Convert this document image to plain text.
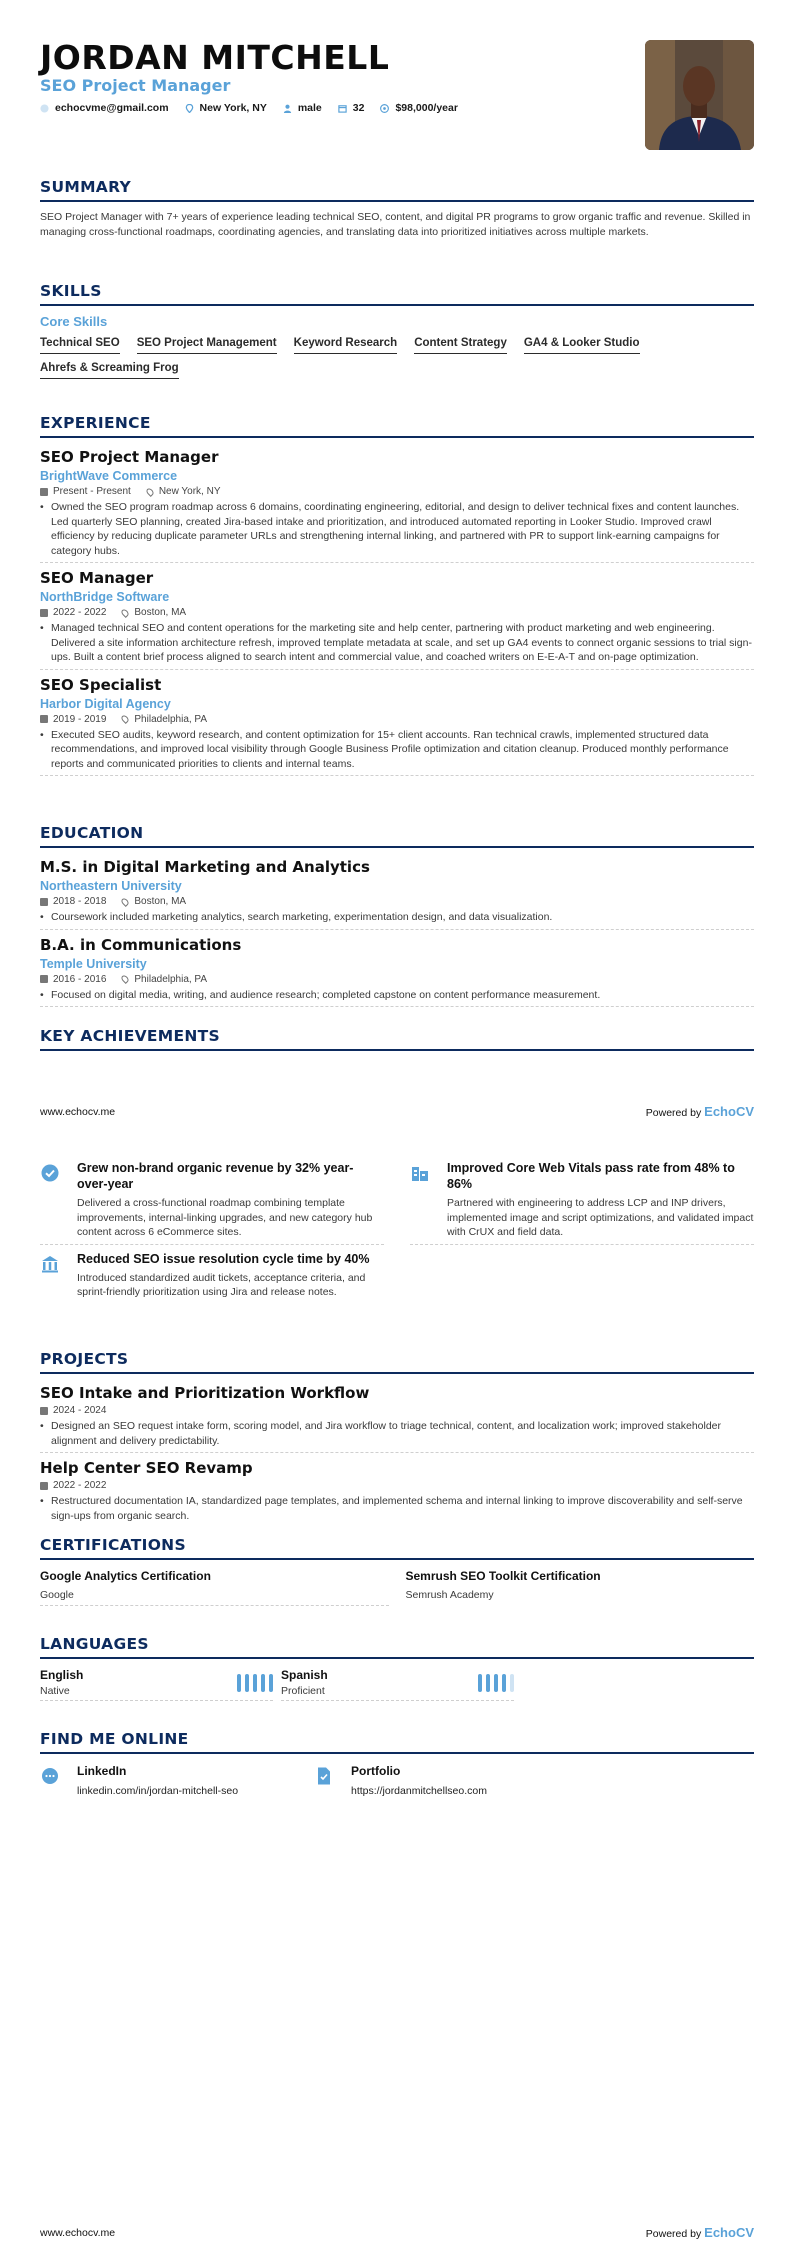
JORDAN MITCHELL
SEO Project Manager
echocvme@gmail.com	New York, NY	male	32	$98,000/year
SUMMARY
SEO Project Manager with 7+ years of experience leading technical SEO, content, and digital PR programs to grow organic traffic and revenue. Skilled in managing cross-functional roadmaps, coordinating agencies, and translating data into prioritized initiatives across multiple markets.
SKILLS
Core Skills
Technical SEO SEO Project Management Keyword Research Content Strategy GA4 & Looker Studio
Ahrefs & Screaming Frog
EXPERIENCE
SEO Project Manager
BrightWave Commerce
Present - Present	New York, NY
• Owned the SEO program roadmap across 6 domains, coordinating engineering, editorial, and design to deliver technical fixes and content launches. Led quarterly SEO planning, created Jira-based intake and prioritization, and introduced automated reporting in Looker Studio. Improved crawl efficiency by reducing duplicate parameter URLs and strengthening internal linking, and partnered with PR to support link-earning campaigns for category hubs.
SEO Manager
NorthBridge Software
2022 - 2022	Boston, MA
• Managed technical SEO and content operations for the marketing site and help center, partnering with product marketing and web engineering. Delivered a site information architecture refresh, improved template metadata at scale, and set up GA4 events to connect organic sessions to trial sign-ups. Built a content brief process aligned to search intent and commercial value, and coached writers on E-E-A-T and on-page optimization.
SEO Specialist
Harbor Digital Agency
2019 - 2019	Philadelphia, PA
• Executed SEO audits, keyword research, and content optimization for 15+ client accounts. Ran technical crawls, implemented structured data recommendations, and improved local visibility through Google Business Profile optimization and citation cleanup. Produced monthly performance reports and communicated priorities to clients and internal teams.
EDUCATION
M.S. in Digital Marketing and Analytics
Northeastern University
2018 - 2018	Boston, MA
• Coursework included marketing analytics, search marketing, experimentation design, and data visualization.
B.A. in Communications
Temple University
2016 - 2016	Philadelphia, PA
• Focused on digital media, writing, and audience research; completed capstone on content performance measurement.
KEY ACHIEVEMENTS
www.echocv.me	Powered by EchoCV
Grew non-brand organic revenue by 32% year-over-year
Delivered a cross-functional roadmap combining template improvements, internal-linking upgrades, and new category hub content across 6 eCommerce sites.
Improved Core Web Vitals pass rate from 48% to 86%
Partnered with engineering to address LCP and INP drivers, implemented image and script optimizations, and validated impact with CrUX and field data.
Reduced SEO issue resolution cycle time by 40%
Introduced standardized audit tickets, acceptance criteria, and sprint-friendly prioritization using Jira and release notes.
PROJECTS
SEO Intake and Prioritization Workflow
2024 - 2024
• Designed an SEO request intake form, scoring model, and Jira workflow to triage technical, content, and localization work; improved stakeholder alignment and delivery predictability.
Help Center SEO Revamp
2022 - 2022
• Restructured documentation IA, standardized page templates, and implemented schema and internal linking to improve discoverability and self-serve sign-ups from organic search.
CERTIFICATIONS
Google Analytics Certification
Google
Semrush SEO Toolkit Certification
Semrush Academy
LANGUAGES
English
Native
Spanish
Proficient
FIND ME ONLINE
LinkedIn
linkedin.com/in/jordan-mitchell-seo
Portfolio
https://jordanmitchellseo.com
www.echocv.me	Powered by EchoCV
